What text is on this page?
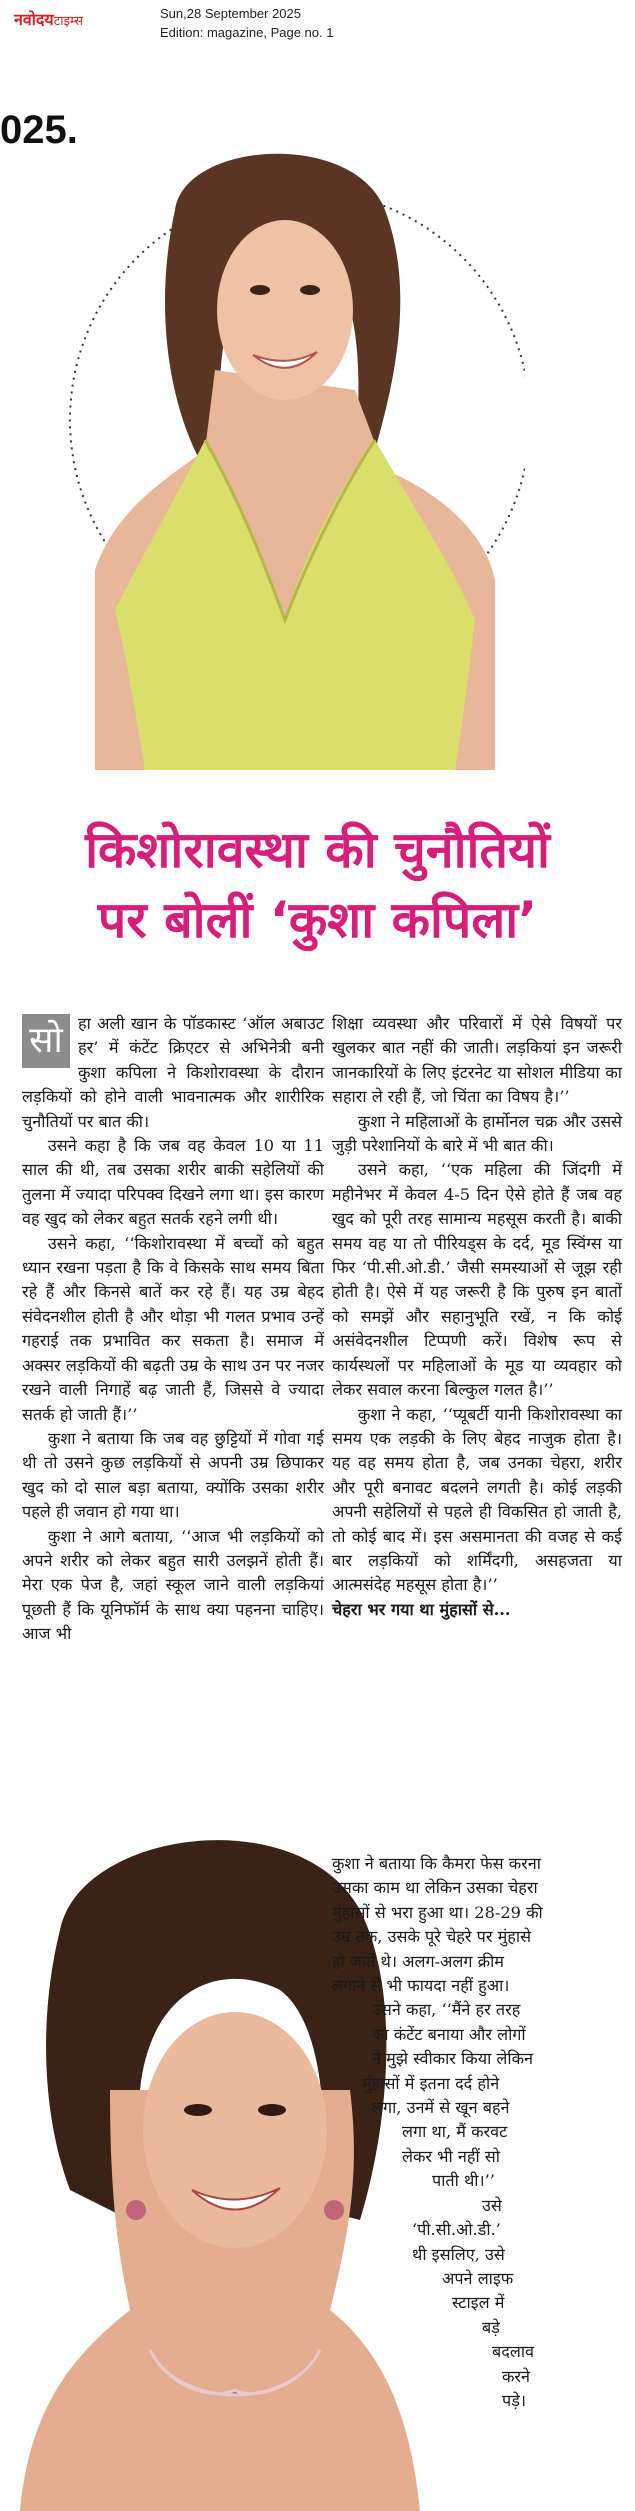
नवोदयटाइम्स
Sun,28 September 2025
Edition: magazine, Page no. 1
025.
किशोरावस्था की चुनौतियों
पर बोलीं ‘कुशा कपिला’
सो हा अली खान के पॉडकास्ट ‘ऑल अबाउट हर’ में कंटेंट क्रिएटर से अभिनेत्री बनी कुशा कपिला ने किशोरावस्था के दौरान लड़कियों को होने वाली भावनात्मक और शारीरिक चुनौतियों पर बात की।

उसने कहा है कि जब वह केवल 10 या 11 साल की थी, तब उसका शरीर बाकी सहेलियों की तुलना में ज्यादा परिपक्व दिखने लगा था। इस कारण वह खुद को लेकर बहुत सतर्क रहने लगी थी।

उसने कहा, ‘‘किशोरावस्था में बच्चों को बहुत ध्यान रखना पड़ता है कि वे किसके साथ समय बिता रहे हैं और किनसे बातें कर रहे हैं। यह उम्र बेहद संवेदनशील होती है और थोड़ा भी गलत प्रभाव उन्हें गहराई तक प्रभावित कर सकता है। समाज में अक्सर लड़कियों की बढ़ती उम्र के साथ उन पर नजर रखने वाली निगाहें बढ़ जाती हैं, जिससे वे ज्यादा सतर्क हो जाती हैं।’’

कुशा ने बताया कि जब वह छुट्टियों में गोवा गई थी तो उसने कुछ लड़कियों से अपनी उम्र छिपाकर खुद को दो साल बड़ा बताया, क्योंकि उसका शरीर पहले ही जवान हो गया था।

कुशा ने आगे बताया, ‘‘आज भी लड़कियों को अपने शरीर को लेकर बहुत सारी उलझनें होती हैं। मेरा एक पेज है, जहां स्कूल जाने वाली लड़कियां पूछती हैं कि यूनिफॉर्म के साथ क्या पहनना चाहिए। आज भी

शिक्षा व्यवस्था और परिवारों में ऐसे विषयों पर खुलकर बात नहीं की जाती। लड़कियां इन जरूरी जानकारियों के लिए इंटरनेट या सोशल मीडिया का सहारा ले रही हैं, जो चिंता का विषय है।’’

कुशा ने महिलाओं के हार्मोनल चक्र और उससे जुड़ी परेशानियों के बारे में भी बात की।

उसने कहा, ‘‘एक महिला की जिंदगी में महीनेभर में केवल 4-5 दिन ऐसे होते हैं जब वह खुद को पूरी तरह सामान्य महसूस करती है। बाकी समय वह या तो पीरियड्स के दर्द, मूड स्विंग्स या फिर ‘पी.सी.ओ.डी.’ जैसी समस्याओं से जूझ रही होती है। ऐसे में यह जरूरी है कि पुरुष इन बातों को समझें और सहानुभूति रखें, न कि कोई असंवेदनशील टिप्पणी करें। विशेष रूप से कार्यस्थलों पर महिलाओं के मूड या व्यवहार को लेकर सवाल करना बिल्कुल गलत है।’’

कुशा ने कहा, ‘‘प्यूबर्टी यानी किशोरावस्था का समय एक लड़की के लिए बेहद नाजुक होता है। यह वह समय होता है, जब उनका चेहरा, शरीर और पूरी बनावट बदलने लगती है। कोई लड़की अपनी सहेलियों से पहले ही विकसित हो जाती है, तो कोई बाद में। इस असमानता की वजह से कई बार लड़कियों को शर्मिंदगी, असहजता या आत्मसंदेह महसूस होता है।’’

चेहरा भर गया था मुंहासों से...

कुशा ने बताया कि कैमरा फेस करना
उसका काम था लेकिन उसका चेहरा
मुंहासों से भरा हुआ था। 28-29 की
उम्र तक, उसके पूरे चेहरे पर मुंहासे
हो जाते थे। अलग-अलग क्रीम
लगाने से भी फायदा नहीं हुआ।
उसने कहा, ‘‘मैंने हर तरह
का कंटेंट बनाया और लोगों
ने मुझे स्वीकार किया लेकिन
मुंहासों में इतना दर्द होने
लगा, उनमें से खून बहने
लगा था, मैं करवट
लेकर भी नहीं सो
पाती थी।’’
उसे
‘पी.सी.ओ.डी.’
थी इसलिए, उसे
अपने लाइफ
स्टाइल में
बड़े
बदलाव
करने
पड़े।
